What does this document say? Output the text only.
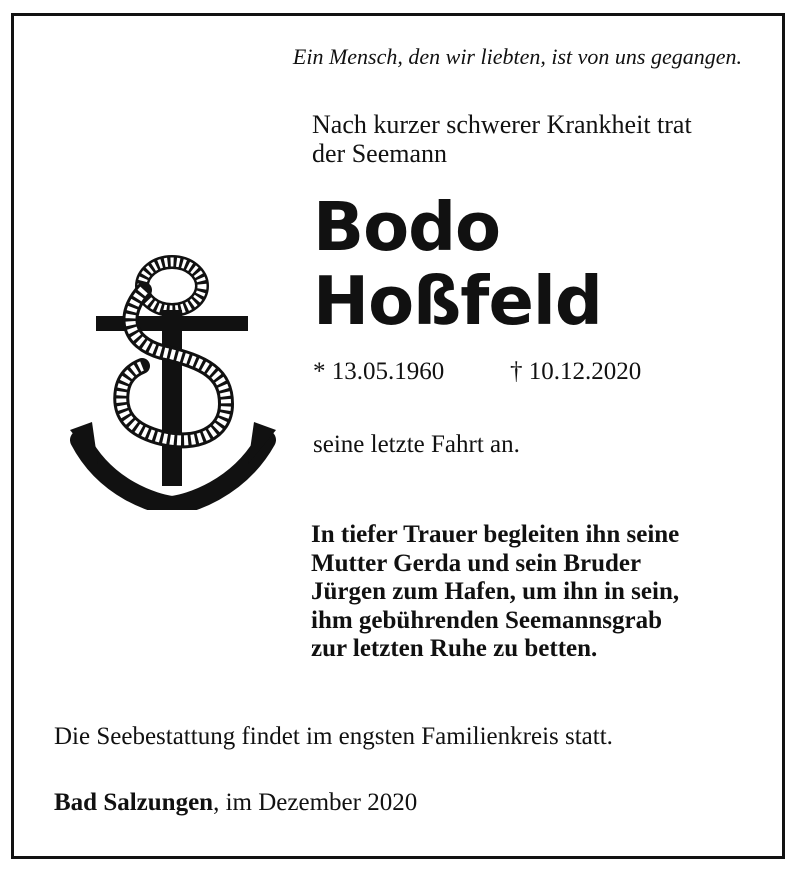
Ein Mensch, den wir liebten, ist von uns gegangen.
Nach kurzer schwerer Krankheit trat
der Seemann
Bodo
Hoßfeld
* 13.05.1960	† 10.12.2020
seine letzte Fahrt an.
In tiefer Trauer begleiten ihn seine
Mutter Gerda und sein Bruder
Jürgen zum Hafen, um ihn in sein,
ihm gebührenden Seemannsgrab
zur letzten Ruhe zu betten.
Die Seebestattung findet im engsten Familienkreis statt.
Bad Salzungen, im Dezember 2020
